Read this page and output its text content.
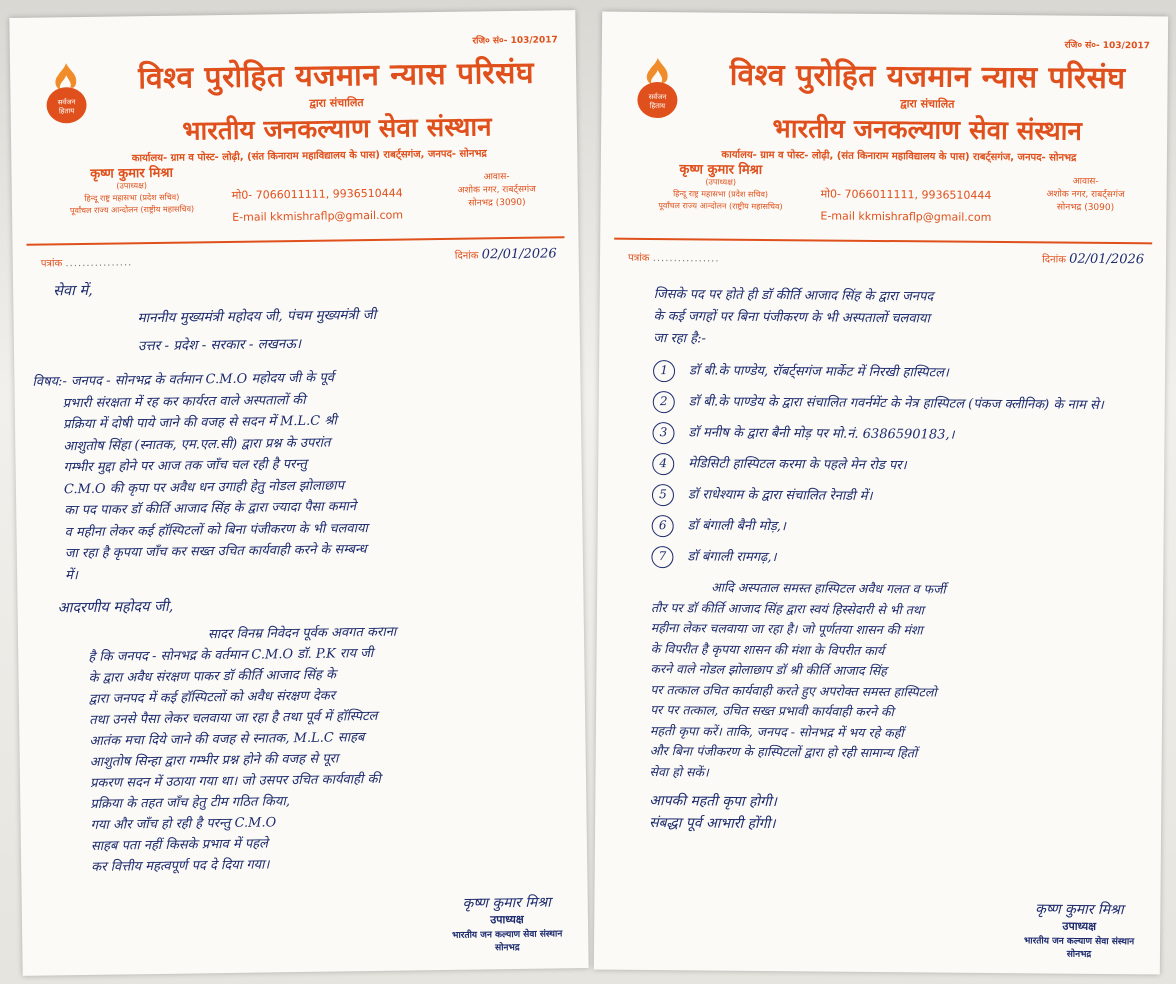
रजि० सं०- 103/2017
सर्वजन
हिताय
विश्व पुरोहित यजमान न्यास परिसंघ
द्वारा संचालित
भारतीय जनकल्याण सेवा संस्थान
कार्यालय- ग्राम व पोस्ट- लोढ़ी, (संत किनाराम महाविद्यालय के पास) राबर्ट्सगंज, जनपद- सोनभद्र
कृष्ण कुमार मिश्रा
(उपाध्यक्ष)
हिन्दू राष्ट्र महासभा (प्रदेश सचिव)
पूर्वांचल राज्य आन्दोलन (राष्ट्रीय महासचिव)
मो0- 7066011111, 9936510444
E-mail kkmishraflp@gmail.com
आवास-
अशोक नगर, राबर्ट्सगंज
सोनभद्र (3090)
पत्रांक ................
दिनांक 02/01/2026

सेवा में,

माननीय मुख्यमंत्री महोदय जी, पंचम मुख्यमंत्री जी

उत्तर - प्रदेश - सरकार - लखनऊ।

विषय:- जनपद - सोनभद्र के वर्तमान C.M.O महोदय जी के पूर्व

प्रभारी संरक्षता में रह कर कार्यरत वाले अस्पतालों की

प्रक्रिया में दोषी पाये जाने की वजह से सदन में M.L.C श्री

आशुतोष सिंहा (स्नातक, एम.एल.सी) द्वारा प्रश्न के उपरांत

गम्भीर मुद्दा होने पर आज तक जाँच चल रही है परन्तु

C.M.O की कृपा पर अवैध धन उगाही हेतु नोडल झोलाछाप

का पद पाकर डॉ कीर्ति आजाद सिंह के द्वारा ज्यादा पैसा कमाने

व महीना लेकर कई हॉस्पिटलों को बिना पंजीकरण के भी चलवाया

जा रहा है कृपया जाँच कर सख्त उचित कार्यवाही करने के सम्बन्ध

में।

आदरणीय महोदय जी,

सादर विनम्र निवेदन पूर्वक अवगत कराना

है कि जनपद - सोनभद्र के वर्तमान C.M.O डॉ. P.K राय जी

के द्वारा अवैध संरक्षण पाकर डॉ कीर्ति आजाद सिंह के

द्वारा जनपद में कई हॉस्पिटलों को अवैध संरक्षण देकर

तथा उनसे पैसा लेकर चलवाया जा रहा है तथा पूर्व में हॉस्पिटल

आतंक मचा दिये जाने की वजह से स्नातक, M.L.C साहब

आशुतोष सिन्हा द्वारा गम्भीर प्रश्न होने की वजह से पूरा

प्रकरण सदन में उठाया गया था। जो उसपर उचित कार्यवाही की

प्रक्रिया के तहत जाँच हेतु टीम गठित किया,

गया और जाँच हो रही है परन्तु C.M.O

साहब पता नहीं किसके प्रभाव में पहले

कर वित्तीय महत्वपूर्ण पद दे दिया गया।

कृष्ण कुमार मिश्रा
उपाध्यक्ष
भारतीय जन कल्याण सेवा संस्थान
सोनभद्र
रजि० सं०- 103/2017
सर्वजन
हिताय
विश्व पुरोहित यजमान न्यास परिसंघ
द्वारा संचालित
भारतीय जनकल्याण सेवा संस्थान
कार्यालय- ग्राम व पोस्ट- लोढ़ी, (संत किनाराम महाविद्यालय के पास) राबर्ट्सगंज, जनपद- सोनभद्र
कृष्ण कुमार मिश्रा
(उपाध्यक्ष)
हिन्दू राष्ट्र महासभा (प्रदेश सचिव)
पूर्वांचल राज्य आन्दोलन (राष्ट्रीय महासचिव)
मो0- 7066011111, 9936510444
E-mail kkmishraflp@gmail.com
आवास-
अशोक नगर, राबर्ट्सगंज
सोनभद्र (3090)
पत्रांक ................	दिनांक 02/01/2026

जिसके पद पर होते ही डॉ कीर्ति आजाद सिंह के द्वारा जनपद

के कई जगहों पर बिना पंजीकरण के भी अस्पतालों चलवाया

जा रहा है:-

1	डॉ बी.के पाण्डेय, रॉबर्ट्सगंज मार्केट में निरखी हास्पिटल।
2	डॉ बी.के पाण्डेय के द्वारा संचालित गवर्नमेंट के नेत्र हास्पिटल (पंकज क्लीनिक) के नाम से।
3	डॉ मनीष के द्वारा बैनी मोड़ पर मो.नं. 6386590183,।
4	मेडिसिटी हास्पिटल करमा के पहले मेन रोड पर।
5	डॉ राधेश्याम के द्वारा संचालित रेनाडी में।
6	डॉ बंगाली बैनी मोड़,।
7	डॉ बंगाली रामगढ़,।

आदि अस्पताल समस्त हास्पिटल अवैध गलत व फर्जी

तौर पर डॉ कीर्ति आजाद सिंह द्वारा स्वयं हिस्सेदारी से भी तथा

महीना लेकर चलवाया जा रहा है। जो पूर्णतया शासन की मंशा

के विपरीत है कृपया शासन की मंशा के विपरीत कार्य

करने वाले नोडल झोलाछाप डॉ श्री कीर्ति आजाद सिंह

पर तत्काल उचित कार्यवाही करते हुए अपरोक्त समस्त हास्पिटलो

पर पर तत्काल, उचित सख्त प्रभावी कार्यवाही करने की

महती कृपा करें। ताकि, जनपद - सोनभद्र में भय रहे कहीं

और बिना पंजीकरण के हास्पिटलों द्वारा हो रही सामान्य हितों

सेवा हो सकें।

आपकी महती कृपा होगी।

संबद्धा पूर्व आभारी होंगी।

कृष्ण कुमार मिश्रा
उपाध्यक्ष
भारतीय जन कल्याण सेवा संस्थान
सोनभद्र
